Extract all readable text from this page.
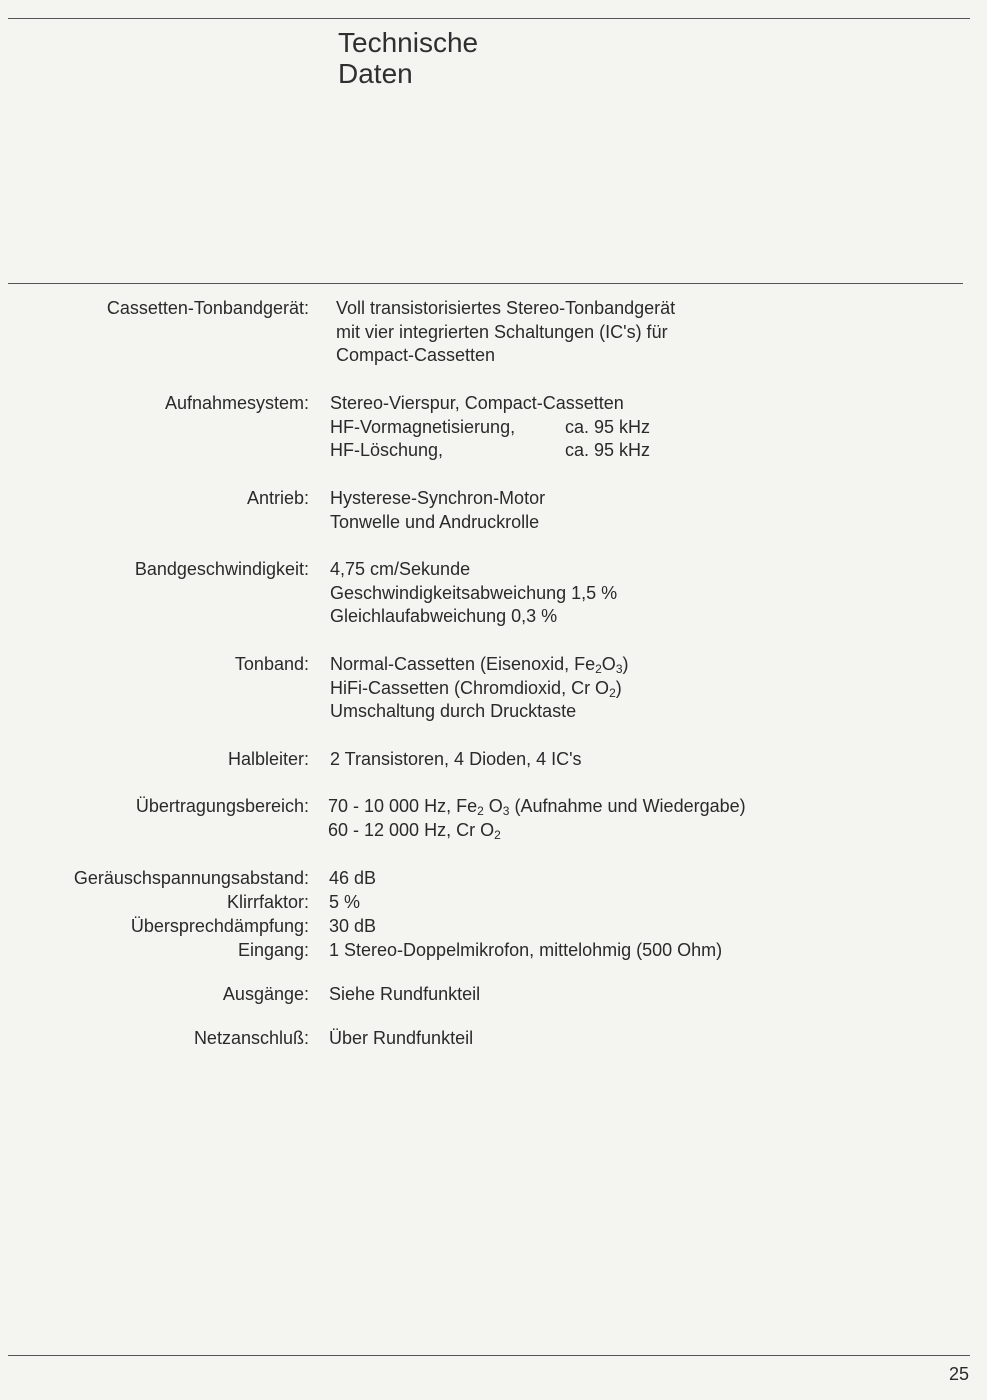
Technische
Daten
Cassetten-Tonbandgerät: Voll transistorisiertes Stereo-Tonbandgerät
mit vier integrierten Schaltungen (IC's) für
Compact-Cassetten
Aufnahmesystem: Stereo-Vierspur, Compact-Cassetten
HF-Vormagnetisierung,	ca. 95 kHz
HF-Löschung,	ca. 95 kHz
Antrieb: Hysterese-Synchron-Motor
Tonwelle und Andruckrolle
Bandgeschwindigkeit: 4,75 cm/Sekunde
Geschwindigkeitsabweichung 1,5 %
Gleichlaufabweichung 0,3 %
Tonband: Normal-Cassetten (Eisenoxid, $Fe_2O_3$)
HiFi-Cassetten (Chromdioxid, Cr $O_2$)
Umschaltung durch Drucktaste
Halbleiter: 2 Transistoren, 4 Dioden, 4 IC's
Übertragungsbereich: 70 - 10 000 Hz, $Fe_2$ $O_3$ (Aufnahme und Wiedergabe)
60 - 12 000 Hz, Cr $O_2$
Geräuschspannungsabstand: 46 dB
Klirrfaktor: 5 %
Übersprechdämpfung: 30 dB
Eingang: 1 Stereo-Doppelmikrofon, mittelohmig (500 Ohm)
Ausgänge: Siehe Rundfunkteil
Netzanschluß: Über Rundfunkteil
25
